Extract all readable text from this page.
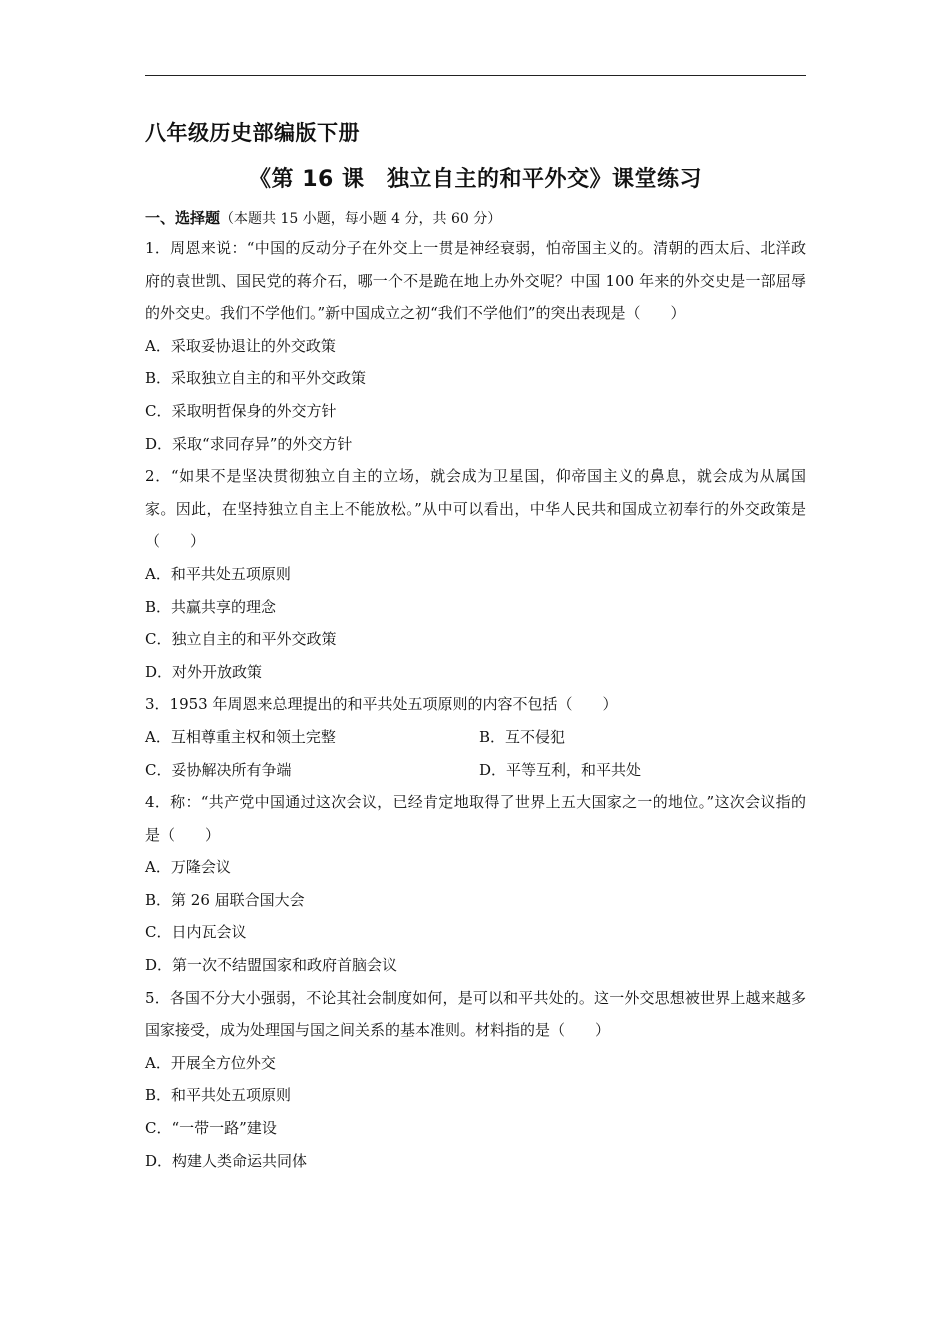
八年级历史部编版下册
《第 16 课　独立自主的和平外交》课堂练习
一、选择题（本题共 15 小题，每小题 4 分，共 60 分）
1．周恩来说：“中国的反动分子在外交上一贯是神经衰弱，怕帝国主义的。清朝的西太后、北洋政府的袁世凯、国民党的蒋介石，哪一个不是跪在地上办外交呢？中国 100 年来的外交史是一部屈辱的外交史。我们不学他们。”新中国成立之初“我们不学他们”的突出表现是（　　）
A．采取妥协退让的外交政策
B．采取独立自主的和平外交政策
C．采取明哲保身的外交方针
D．采取“求同存异”的外交方针
2．“如果不是坚决贯彻独立自主的立场，就会成为卫星国，仰帝国主义的鼻息，就会成为从属国家。因此，在坚持独立自主上不能放松。”从中可以看出，中华人民共和国成立初奉行的外交政策是（　　）
A．和平共处五项原则
B．共赢共享的理念
C．独立自主的和平外交政策
D．对外开放政策
3．1953 年周恩来总理提出的和平共处五项原则的内容不包括（　　）
A．互相尊重主权和领土完整	B．互不侵犯
C．妥协解决所有争端	D．平等互利，和平共处
4．称：“共产党中国通过这次会议，已经肯定地取得了世界上五大国家之一的地位。”这次会议指的是（　　）
A．万隆会议
B．第 26 届联合国大会
C．日内瓦会议
D．第一次不结盟国家和政府首脑会议
5．各国不分大小强弱，不论其社会制度如何，是可以和平共处的。这一外交思想被世界上越来越多国家接受，成为处理国与国之间关系的基本准则。材料指的是（　　）
A．开展全方位外交
B．和平共处五项原则
C．“一带一路”建设
D．构建人类命运共同体
